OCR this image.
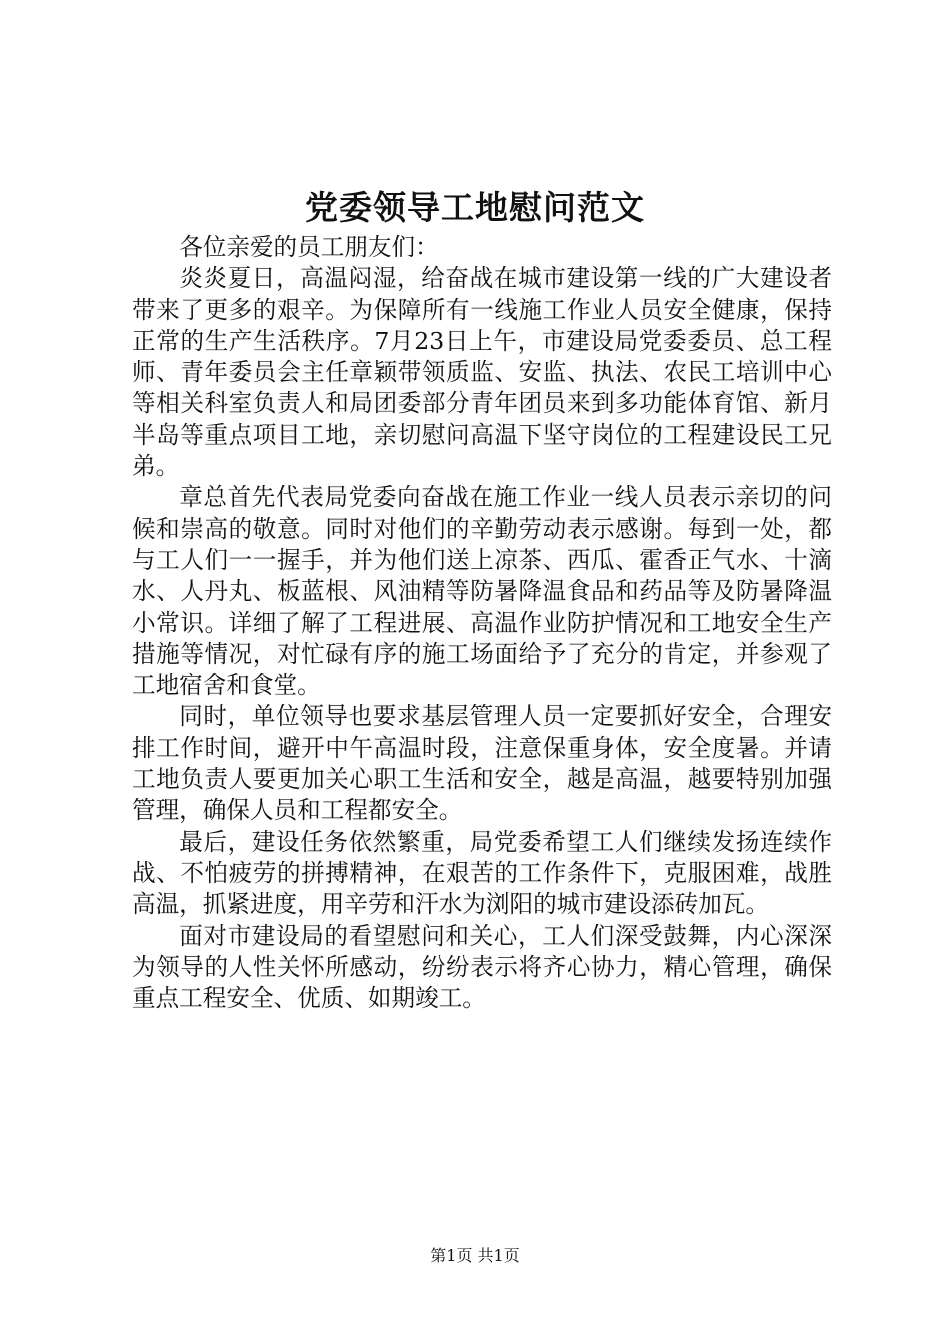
党委领导工地慰问范文

各位亲爱的员工朋友们：

炎炎夏日，高温闷湿，给奋战在城市建设第一线的广大建设者带来了更多的艰辛。为保障所有一线施工作业人员安全健康，保持正常的生产生活秩序。7月23日上午，市建设局党委委员、总工程师、青年委员会主任章颖带领质监、安监、执法、农民工培训中心等相关科室负责人和局团委部分青年团员来到多功能体育馆、新月半岛等重点项目工地，亲切慰问高温下坚守岗位的工程建设民工兄弟。

章总首先代表局党委向奋战在施工作业一线人员表示亲切的问候和崇高的敬意。同时对他们的辛勤劳动表示感谢。每到一处，都与工人们一一握手，并为他们送上凉茶、西瓜、霍香正气水、十滴水、人丹丸、板蓝根、风油精等防暑降温食品和药品等及防暑降温小常识。详细了解了工程进展、高温作业防护情况和工地安全生产措施等情况，对忙碌有序的施工场面给予了充分的肯定，并参观了工地宿舍和食堂。

同时，单位领导也要求基层管理人员一定要抓好安全，合理安排工作时间，避开中午高温时段，注意保重身体，安全度暑。并请工地负责人要更加关心职工生活和安全，越是高温，越要特别加强管理，确保人员和工程都安全。

最后，建设任务依然繁重，局党委希望工人们继续发扬连续作战、不怕疲劳的拼搏精神，在艰苦的工作条件下，克服困难，战胜高温，抓紧进度，用辛劳和汗水为浏阳的城市建设添砖加瓦。

面对市建设局的看望慰问和关心，工人们深受鼓舞，内心深深为领导的人性关怀所感动，纷纷表示将齐心协力，精心管理，确保重点工程安全、优质、如期竣工。

第1页 共1页
